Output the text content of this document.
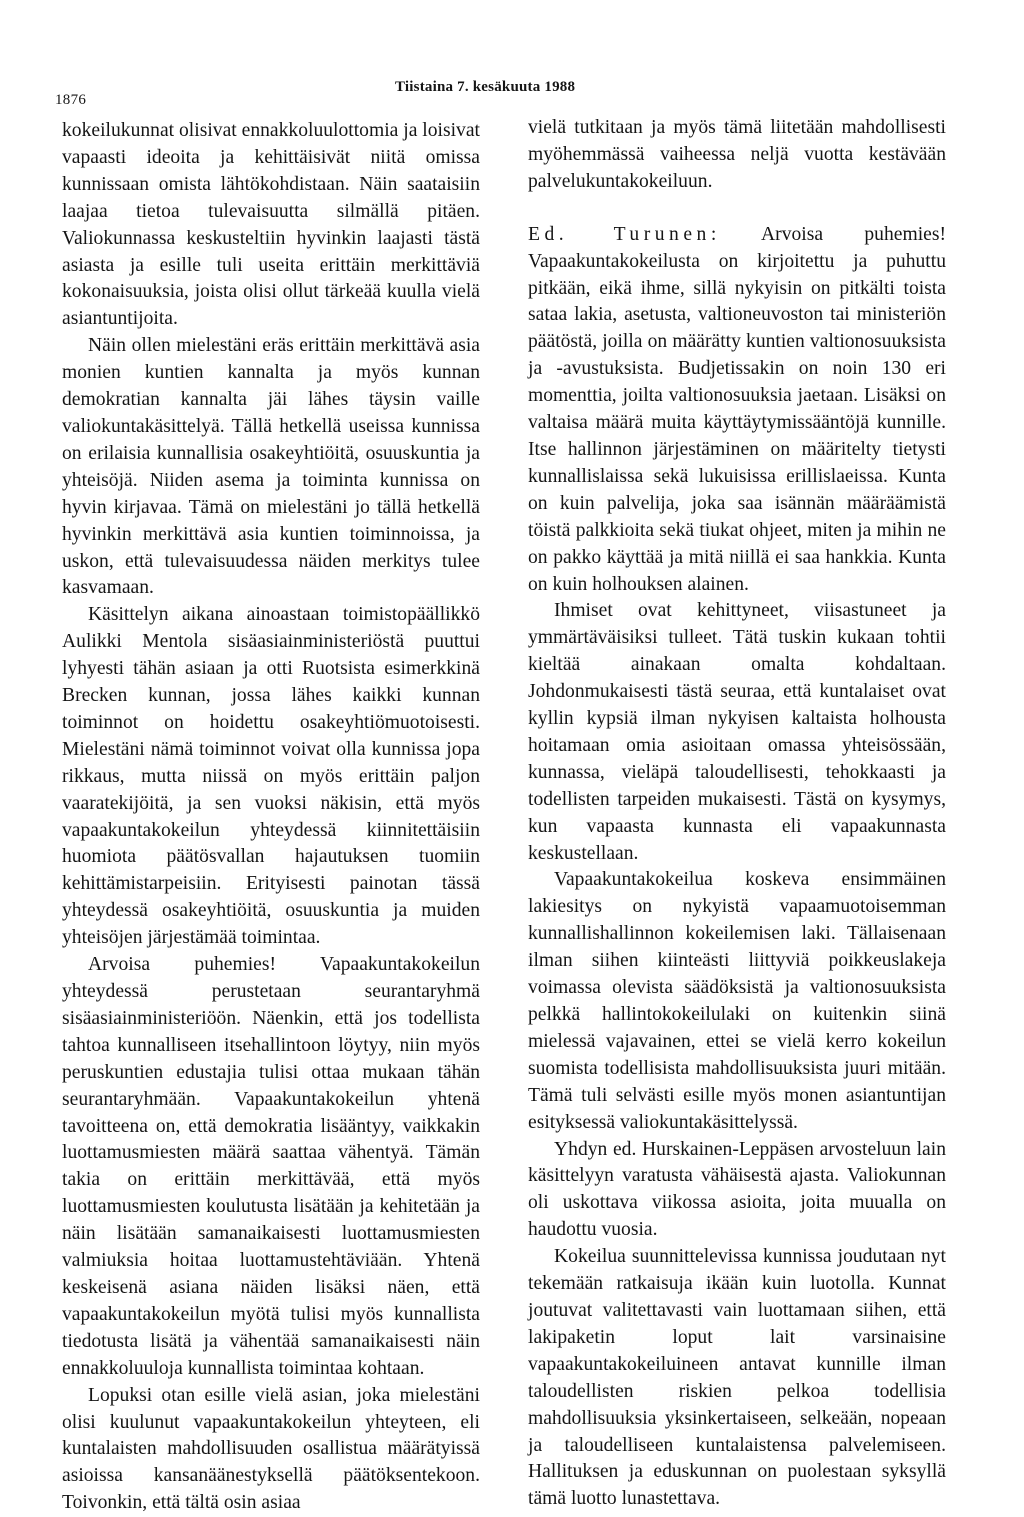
1876
Tiistaina 7. kesäkuuta 1988

kokeilukunnat olisivat ennakkoluulottomia ja loisivat vapaasti ideoita ja kehittäisivät niitä omissa kunnissaan omista lähtökohdistaan. Näin saataisiin laajaa tietoa tulevaisuutta silmällä pitäen. Valiokunnassa keskusteltiin hyvinkin laajasti tästä asiasta ja esille tuli useita erittäin merkittäviä kokonaisuuksia, joista olisi ollut tärkeää kuulla vielä asiantuntijoita.

Näin ollen mielestäni eräs erittäin merkittävä asia monien kuntien kannalta ja myös kunnan demokratian kannalta jäi lähes täysin vaille valiokuntakäsittelyä. Tällä hetkellä useissa kunnissa on erilaisia kunnallisia osakeyhtiöitä, osuuskuntia ja yhteisöjä. Niiden asema ja toiminta kunnissa on hyvin kirjavaa. Tämä on mielestäni jo tällä hetkellä hyvinkin merkittävä asia kuntien toiminnoissa, ja uskon, että tulevaisuudessa näiden merkitys tulee kasvamaan.

Käsittelyn aikana ainoastaan toimistopäällikkö Aulikki Mentola sisäasiainministeriöstä puuttui lyhyesti tähän asiaan ja otti Ruotsista esimerkkinä Brecken kunnan, jossa lähes kaikki kunnan toiminnot on hoidettu osakeyhtiömuotoisesti. Mielestäni nämä toiminnot voivat olla kunnissa jopa rikkaus, mutta niissä on myös erittäin paljon vaaratekijöitä, ja sen vuoksi näkisin, että myös vapaakuntakokeilun yhteydessä kiinnitettäisiin huomiota päätösvallan hajautuksen tuomiin kehittämistarpeisiin. Erityisesti painotan tässä yhteydessä osakeyhtiöitä, osuuskuntia ja muiden yhteisöjen järjestämää toimintaa.

Arvoisa puhemies! Vapaakuntakokeilun yhteydessä perustetaan seurantaryhmä sisäasiainministeriöön. Näenkin, että jos todellista tahtoa kunnalliseen itsehallintoon löytyy, niin myös peruskuntien edustajia tulisi ottaa mukaan tähän seurantaryhmään. Vapaakuntakokeilun yhtenä tavoitteena on, että demokratia lisääntyy, vaikkakin luottamusmiesten määrä saattaa vähentyä. Tämän takia on erittäin merkittävää, että myös luottamusmiesten koulutusta lisätään ja kehitetään ja näin lisätään samanaikaisesti luottamusmiesten valmiuksia hoitaa luottamustehtäviään. Yhtenä keskeisenä asiana näiden lisäksi näen, että vapaakuntakokeilun myötä tulisi myös kunnallista tiedotusta lisätä ja vähentää samanaikaisesti näin ennakkoluuloja kunnallista toimintaa kohtaan.

Lopuksi otan esille vielä asian, joka mielestäni olisi kuulunut vapaakuntakokeilun yhteyteen, eli kuntalaisten mahdollisuuden osallistua määrätyissä asioissa kansanäänestyksellä päätöksentekoon. Toivonkin, että tältä osin asiaa

vielä tutkitaan ja myös tämä liitetään mahdollisesti myöhemmässä vaiheessa neljä vuotta kestävään palvelukuntakokeiluun.

Ed. Turunen: Arvoisa puhemies! Vapaakuntakokeilusta on kirjoitettu ja puhuttu pitkään, eikä ihme, sillä nykyisin on pitkälti toista sataa lakia, asetusta, valtioneuvoston tai ministeriön päätöstä, joilla on määrätty kuntien valtionosuuksista ja -avustuksista. Budjetissakin on noin 130 eri momenttia, joilta valtionosuuksia jaetaan. Lisäksi on valtaisa määrä muita käyttäytymissääntöjä kunnille. Itse hallinnon järjestäminen on määritelty tietysti kunnallislaissa sekä lukuisissa erillislaeissa. Kunta on kuin palvelija, joka saa isännän määräämistä töistä palkkioita sekä tiukat ohjeet, miten ja mihin ne on pakko käyttää ja mitä niillä ei saa hankkia. Kunta on kuin holhouksen alainen.

Ihmiset ovat kehittyneet, viisastuneet ja ymmärtäväisiksi tulleet. Tätä tuskin kukaan tohtii kieltää ainakaan omalta kohdaltaan. Johdonmukaisesti tästä seuraa, että kuntalaiset ovat kyllin kypsiä ilman nykyisen kaltaista holhousta hoitamaan omia asioitaan omassa yhteisössään, kunnassa, vieläpä taloudellisesti, tehokkaasti ja todellisten tarpeiden mukaisesti. Tästä on kysymys, kun vapaasta kunnasta eli vapaakunnasta keskustellaan.

Vapaakuntakokeilua koskeva ensimmäinen lakiesitys on nykyistä vapaamuotoisemman kunnallishallinnon kokeilemisen laki. Tällaisenaan ilman siihen kiinteästi liittyviä poikkeuslakeja voimassa olevista säädöksistä ja valtionosuuksista pelkkä hallintokokeilulaki on kuitenkin siinä mielessä vajavainen, ettei se vielä kerro kokeilun suomista todellisista mahdollisuuksista juuri mitään. Tämä tuli selvästi esille myös monen asiantuntijan esityksessä valiokuntakäsittelyssä.

Yhdyn ed. Hurskainen-Leppäsen arvosteluun lain käsittelyyn varatusta vähäisestä ajasta. Valiokunnan oli uskottava viikossa asioita, joita muualla on haudottu vuosia.

Kokeilua suunnittelevissa kunnissa joudutaan nyt tekemään ratkaisuja ikään kuin luotolla. Kunnat joutuvat valitettavasti vain luottamaan siihen, että lakipaketin loput lait varsinaisine vapaakuntakokeiluineen antavat kunnille ilman taloudellisten riskien pelkoa todellisia mahdollisuuksia yksinkertaiseen, selkeään, nopeaan ja taloudelliseen kuntalaistensa palvelemiseen. Hallituksen ja eduskunnan on puolestaan syksyllä tämä luotto lunastettava.
